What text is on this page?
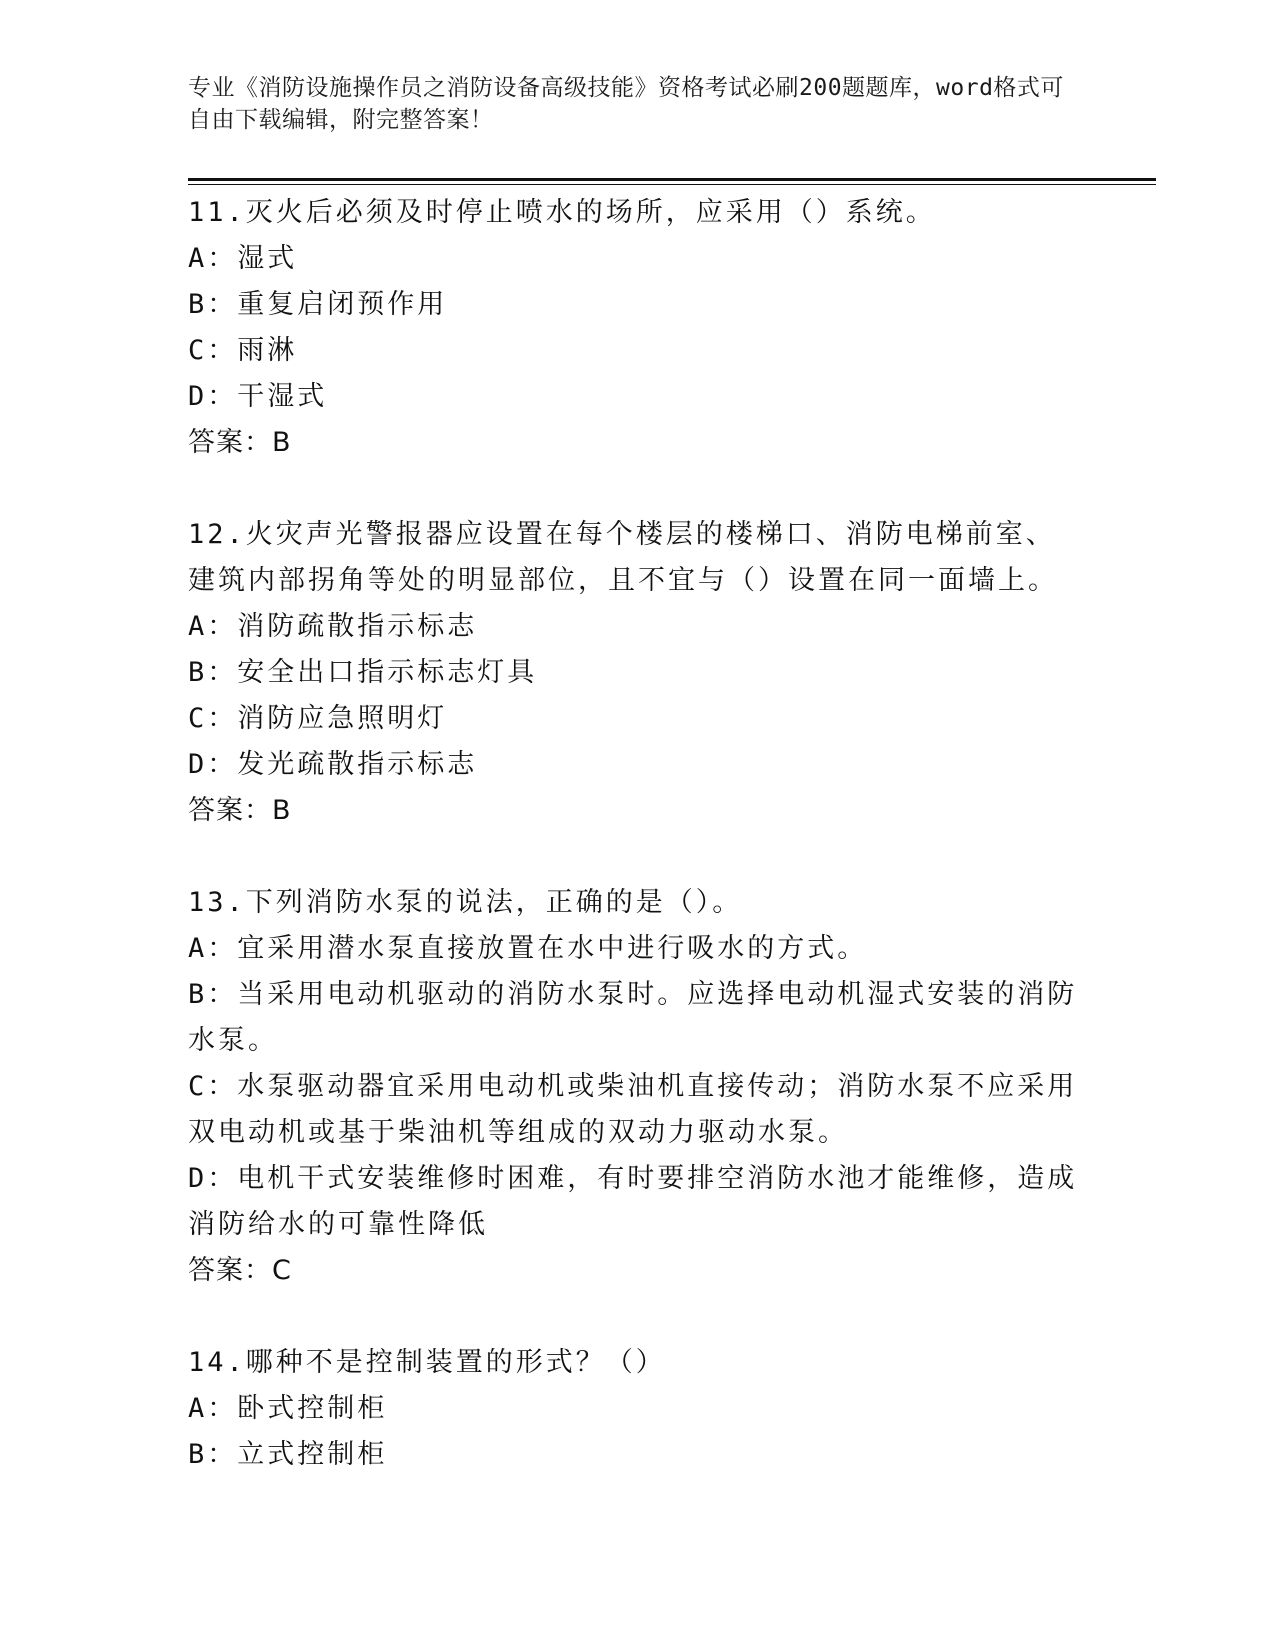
专业《消防设施操作员之消防设备高级技能》资格考试必刷200题题库，word格式可自由下载编辑，附完整答案！

11.灭火后必须及时停止喷水的场所，应采用（）系统。

A：湿式

B：重复启闭预作用

C：雨淋

D：干湿式

答案：B

12.火灾声光警报器应设置在每个楼层的楼梯口、消防电梯前室、建筑内部拐角等处的明显部位，且不宜与（）设置在同一面墙上。

A：消防疏散指示标志

B：安全出口指示标志灯具

C：消防应急照明灯

D：发光疏散指示标志

答案：B

13.下列消防水泵的说法，正确的是（）。

A：宜采用潜水泵直接放置在水中进行吸水的方式。

B：当采用电动机驱动的消防水泵时。应选择电动机湿式安装的消防水泵。

C：水泵驱动器宜采用电动机或柴油机直接传动；消防水泵不应采用双电动机或基于柴油机等组成的双动力驱动水泵。

D：电机干式安装维修时困难，有时要排空消防水池才能维修，造成消防给水的可靠性降低

答案：C

14.哪种不是控制装置的形式？（）

A：卧式控制柜

B：立式控制柜
